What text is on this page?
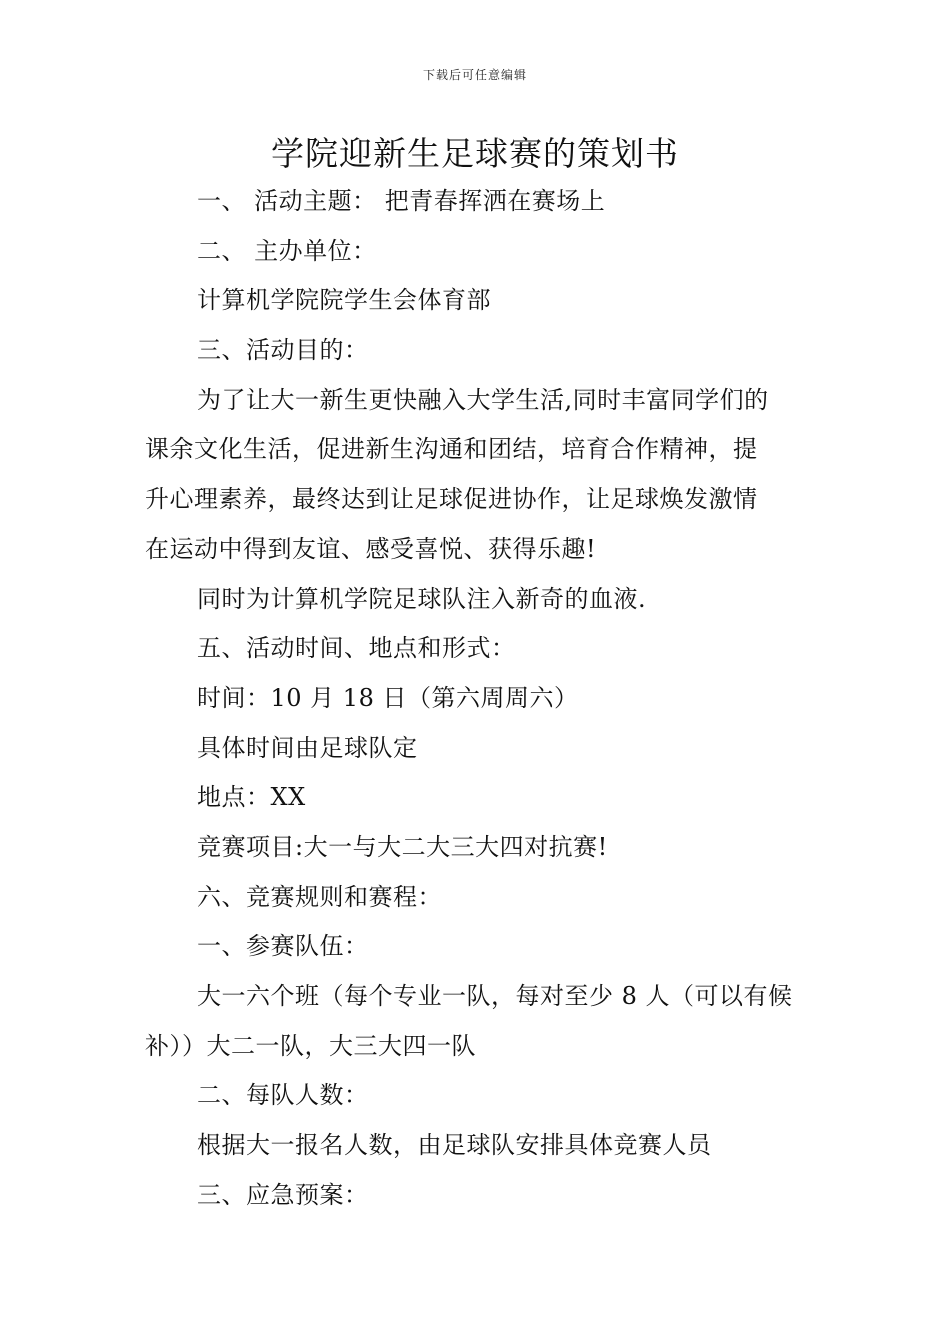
下载后可任意编辑
学院迎新生足球赛的策划书
一、 活动主题： 把青春挥洒在赛场上
二、 主办单位：
计算机学院院学生会体育部
三、活动目的：
为了让大一新生更快融入大学生活,同时丰富同学们的
课余文化生活，促进新生沟通和团结，培育合作精神，提
升心理素养，最终达到让足球促进协作，让足球焕发激情
在运动中得到友谊、感受喜悦、获得乐趣!
同时为计算机学院足球队注入新奇的血液.
五、活动时间、地点和形式：
时间：10 月 18 日（第六周周六）
具体时间由足球队定
地点：XX
竞赛项目:大一与大二大三大四对抗赛!
六、竞赛规则和赛程：
一、参赛队伍：
大一六个班（每个专业一队，每对至少 8 人（可以有候
补））大二一队，大三大四一队
二、每队人数：
根据大一报名人数，由足球队安排具体竞赛人员
三、应急预案：
